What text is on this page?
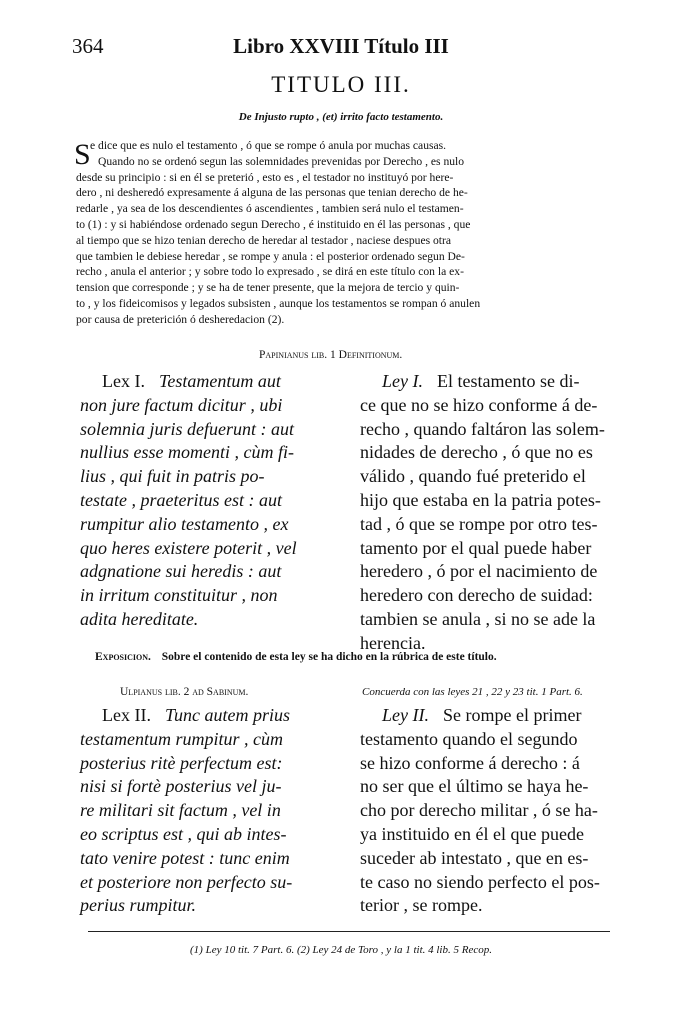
364	Libro XXVIII Título III
TITULO III.
De Injusto rupto , (et) irrito facto testamento.
S e dice que es nulo el testamento , ó que se rompe ó anula por muchas causas.
Quando no se ordenó segun las solemnidades prevenidas por Derecho , es nulo
desde su principio : si en él se preterió , esto es , el testador no instituyó por here-
dero , ni desheredó expresamente á alguna de las personas que tenian derecho de he-
redarle , ya sea de los descendientes ó ascendientes , tambien será nulo el testamen-
to (1) : y si habiéndose ordenado segun Derecho , é instituido en él las personas , que
al tiempo que se hizo tenian derecho de heredar al testador , naciese despues otra
que tambien le debiese heredar , se rompe y anula : el posterior ordenado segun De-
recho , anula el anterior ; y sobre todo lo expresado , se dirá en este título con la ex-
tension que corresponde ; y se ha de tener presente, que la mejora de tercio y quin-
to , y los fideicomisos y legados subsisten , aunque los testamentos se rompan ó anulen
por causa de preterición ó desheredacion (2).
Papinianus lib. 1 Definitionum.
Lex I. Testamentum aut
non jure factum dicitur , ubi
solemnia juris defuerunt : aut
nullius esse momenti , cùm fi-
lius , qui fuit in patris po-
testate , praeteritus est : aut
rumpitur alio testamento , ex
quo heres existere poterit , vel
adgnatione sui heredis : aut
in irritum constituitur , non
adita hereditate.
Ley I. El testamento se di-
ce que no se hizo conforme á de-
recho , quando faltáron las solem-
nidades de derecho , ó que no es
válido , quando fué preterido el
hijo que estaba en la patria potes-
tad , ó que se rompe por otro tes-
tamento por el qual puede haber
heredero , ó por el nacimiento de
heredero con derecho de suidad:
tambien se anula , si no se ade la
herencia.
Exposicion. Sobre el contenido de esta ley se ha dicho en la rúbrica de este título.
Ulpianus lib. 2 ad Sabinum.	Concuerda con las leyes 21 , 22 y 23 tit. 1 Part. 6.
Lex II. Tunc autem prius
testamentum rumpitur , cùm
posterius ritè perfectum est:
nisi si fortè posterius vel ju-
re militari sit factum , vel in
eo scriptus est , qui ab intes-
tato venire potest : tunc enim
et posteriore non perfecto su-
perius rumpitur.
Ley II. Se rompe el primer
testamento quando el segundo
se hizo conforme á derecho : á
no ser que el último se haya he-
cho por derecho militar , ó se ha-
ya instituido en él el que puede
suceder ab intestato , que en es-
te caso no siendo perfecto el pos-
terior , se rompe.
(1) Ley 10 tit. 7 Part. 6. (2) Ley 24 de Toro , y la 1 tit. 4 lib. 5 Recop.
